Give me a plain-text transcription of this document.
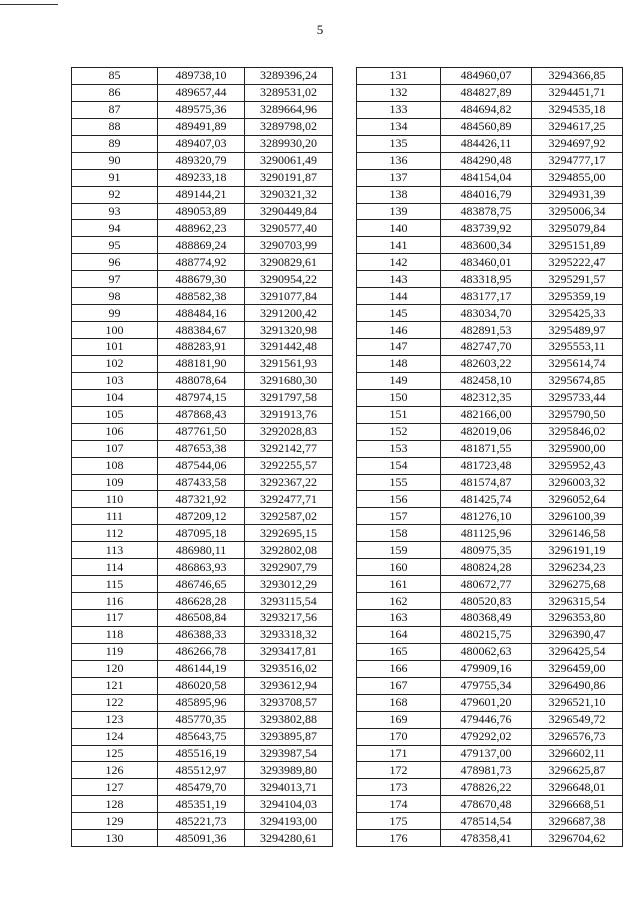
5
85	489738,10	3289396,24
86	489657,44	3289531,02
87	489575,36	3289664,96
88	489491,89	3289798,02
89	489407,03	3289930,20
90	489320,79	3290061,49
91	489233,18	3290191,87
92	489144,21	3290321,32
93	489053,89	3290449,84
94	488962,23	3290577,40
95	488869,24	3290703,99
96	488774,92	3290829,61
97	488679,30	3290954,22
98	488582,38	3291077,84
99	488484,16	3291200,42
100	488384,67	3291320,98
101	488283,91	3291442,48
102	488181,90	3291561,93
103	488078,64	3291680,30
104	487974,15	3291797,58
105	487868,43	3291913,76
106	487761,50	3292028,83
107	487653,38	3292142,77
108	487544,06	3292255,57
109	487433,58	3292367,22
110	487321,92	3292477,71
111	487209,12	3292587,02
112	487095,18	3292695,15
113	486980,11	3292802,08
114	486863,93	3292907,79
115	486746,65	3293012,29
116	486628,28	3293115,54
117	486508,84	3293217,56
118	486388,33	3293318,32
119	486266,78	3293417,81
120	486144,19	3293516,02
121	486020,58	3293612,94
122	485895,96	3293708,57
123	485770,35	3293802,88
124	485643,75	3293895,87
125	485516,19	3293987,54
126	485512,97	3293989,80
127	485479,70	3294013,71
128	485351,19	3294104,03
129	485221,73	3294193,00
130	485091,36	3294280,61
131	484960,07	3294366,85
132	484827,89	3294451,71
133	484694,82	3294535,18
134	484560,89	3294617,25
135	484426,11	3294697,92
136	484290,48	3294777,17
137	484154,04	3294855,00
138	484016,79	3294931,39
139	483878,75	3295006,34
140	483739,92	3295079,84
141	483600,34	3295151,89
142	483460,01	3295222,47
143	483318,95	3295291,57
144	483177,17	3295359,19
145	483034,70	3295425,33
146	482891,53	3295489,97
147	482747,70	3295553,11
148	482603,22	3295614,74
149	482458,10	3295674,85
150	482312,35	3295733,44
151	482166,00	3295790,50
152	482019,06	3295846,02
153	481871,55	3295900,00
154	481723,48	3295952,43
155	481574,87	3296003,32
156	481425,74	3296052,64
157	481276,10	3296100,39
158	481125,96	3296146,58
159	480975,35	3296191,19
160	480824,28	3296234,23
161	480672,77	3296275,68
162	480520,83	3296315,54
163	480368,49	3296353,80
164	480215,75	3296390,47
165	480062,63	3296425,54
166	479909,16	3296459,00
167	479755,34	3296490,86
168	479601,20	3296521,10
169	479446,76	3296549,72
170	479292,02	3296576,73
171	479137,00	3296602,11
172	478981,73	3296625,87
173	478826,22	3296648,01
174	478670,48	3296668,51
175	478514,54	3296687,38
176	478358,41	3296704,62
